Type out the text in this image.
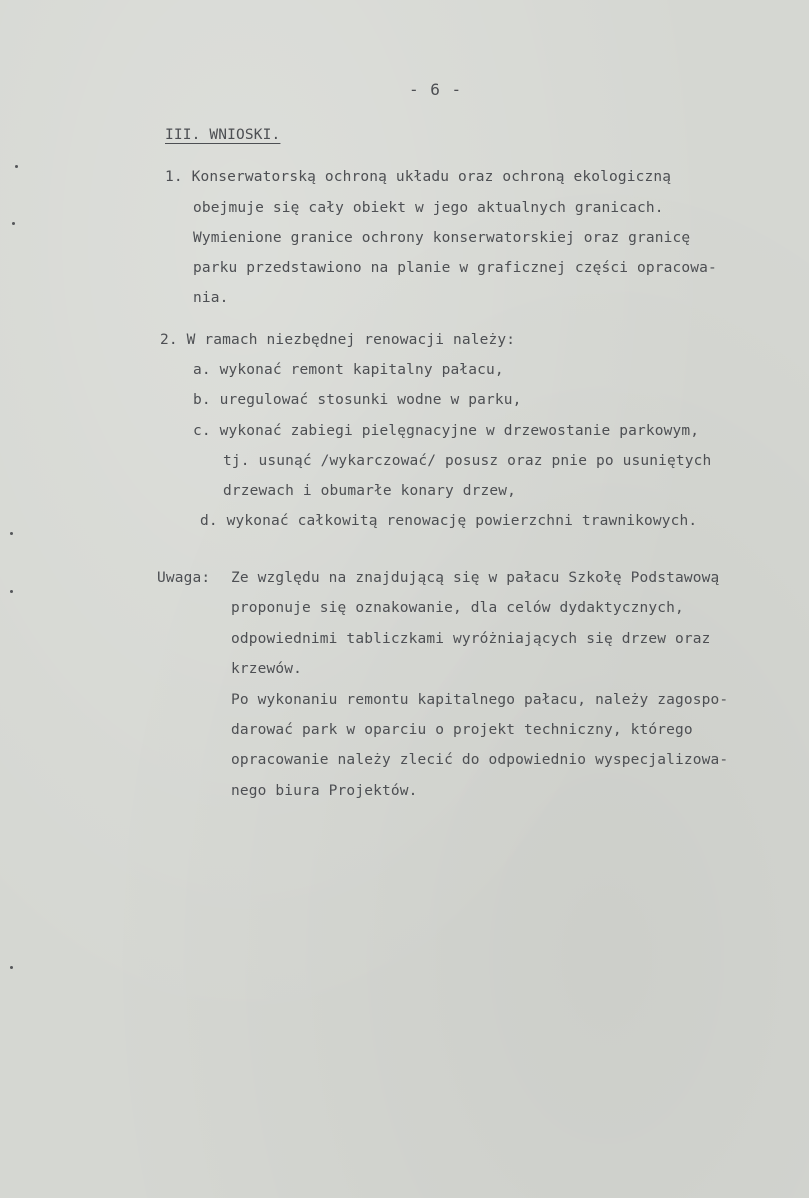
- 6 -
III. WNIOSKI.
1. Konserwatorską ochroną układu oraz ochroną ekologiczną
obejmuje się cały obiekt w jego aktualnych granicach.
Wymienione granice ochrony konserwatorskiej oraz granicę
parku przedstawiono na planie w graficznej części opracowa-
nia.
2. W ramach niezbędnej renowacji należy:
a. wykonać remont kapitalny pałacu,
b. uregulować stosunki wodne w parku,
c. wykonać zabiegi pielęgnacyjne w drzewostanie parkowym,
tj. usunąć /wykarczować/ posusz oraz pnie po usuniętych
drzewach i obumarłe konary drzew,
d. wykonać całkowitą renowację powierzchni trawnikowych.
Uwaga: Ze względu na znajdującą się w pałacu Szkołę Podstawową
proponuje się oznakowanie, dla celów dydaktycznych,
odpowiednimi tabliczkami wyróżniających się drzew oraz
krzewów.
Po wykonaniu remontu kapitalnego pałacu, należy zagospo-
darować park w oparciu o projekt techniczny, którego
opracowanie należy zlecić do odpowiednio wyspecjalizowa-
nego biura Projektów.
